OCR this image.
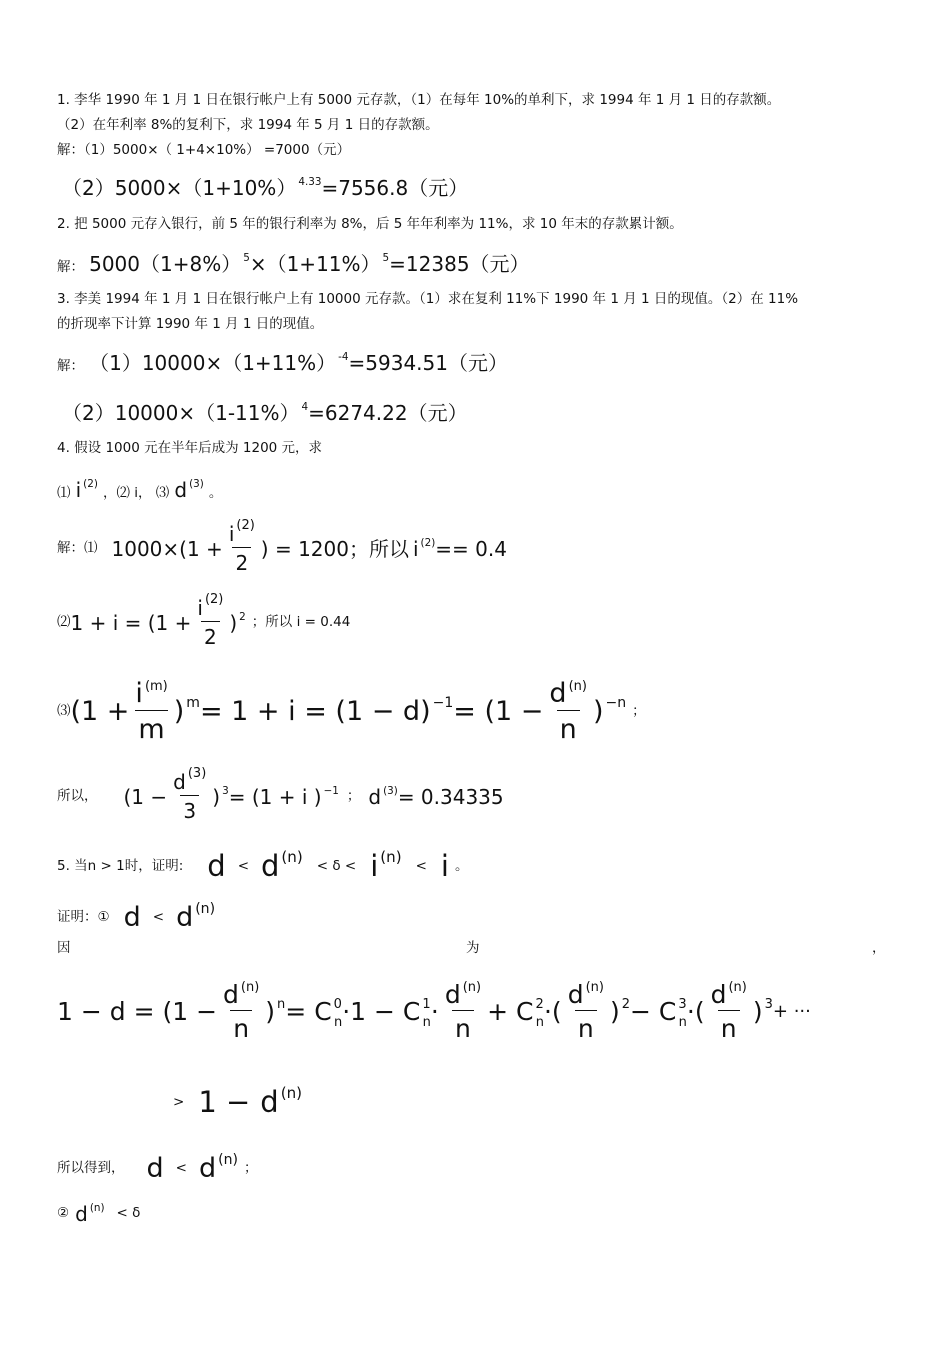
1. 李华 1990 年 1 月 1 日在银行帐户上有 5000 元存款，（1）在每年 10%的单利下，求 1994 年 1 月 1 日的存款额。
（2）在年利率 8%的复利下，求 1994 年 5 月 1 日的存款额。
解：（1）5000×（ 1+4×10%） =7000（元）
（2）5000×（1+10%） $^{4.33}$=7556.8（元）
2. 把 5000 元存入银行，前 5 年的银行利率为 8%，后 5 年年利率为 11%，求 10 年末的存款累计额。
解： 5000（1+8%） $^5$×（1+11%） $^5$=12385（元）
3. 李美 1994 年 1 月 1 日在银行帐户上有 10000 元存款。（1）求在复利 11%下 1990 年 1 月 1 日的现值。（2）在 11%
的折现率下计算 1990 年 1 月 1 日的现值。
解： （1）10000×（1+11%） $^{-4}$=5934.51（元）
（2）10000×（1-11%） $^4$=6274.22（元）
4. 假设 1000 元在半年后成为 1200 元，求
⑴ i $^{(2)}$ ，⑵ i， ⑶ d $^{(3)}$ 。
解：⑴ $1000\times (1 + \frac{i ^{(2)}}{2}$ ) = 1200；所以 i $^{(2)}$ == 0.4
⑵ $1 + i = (1 + \frac{i ^{(2)}}{2}$ ) $^2$ ；所以 i = 0.44
⑶ ($1 + \frac{i ^{(m)}}{m}$ ) $^m$ = 1 + i = (1 − d) $^{-1} = (1 - \frac{d ^{(n)}}{n}$ ) $^{-n}$
；
所以， ($1 - \frac{d ^{(3)}}{3}$ ) $^3$ = (1 + i ) $^{-1}$ ； d $^{(3)}$ = 0.34335
5. 当 n > 1时，证明: d < d $^{(n)}$
< δ < i $^{(n)}$
< i 。
证明：① d < d $^{(n)}$
因	为	，
$1 - d = (1 - \frac{d ^{(n)}}{n}$ ) $^n$ = C $^0_n$ ·1 − C $^1_n \cdot \frac{d ^{(n)}}{n} + C$ $^2_n$ ·( $\frac{d ^{(n)}}{n}$ ) $^2$ − C $^3_n$ ·( $\frac{d ^{(n)}}{n}$ ) $^3$ + ···
> 1 − d $^{(n)}$
所以得到， d < d $^{(n)}$
；
② d $^{(n)}$ < δ
